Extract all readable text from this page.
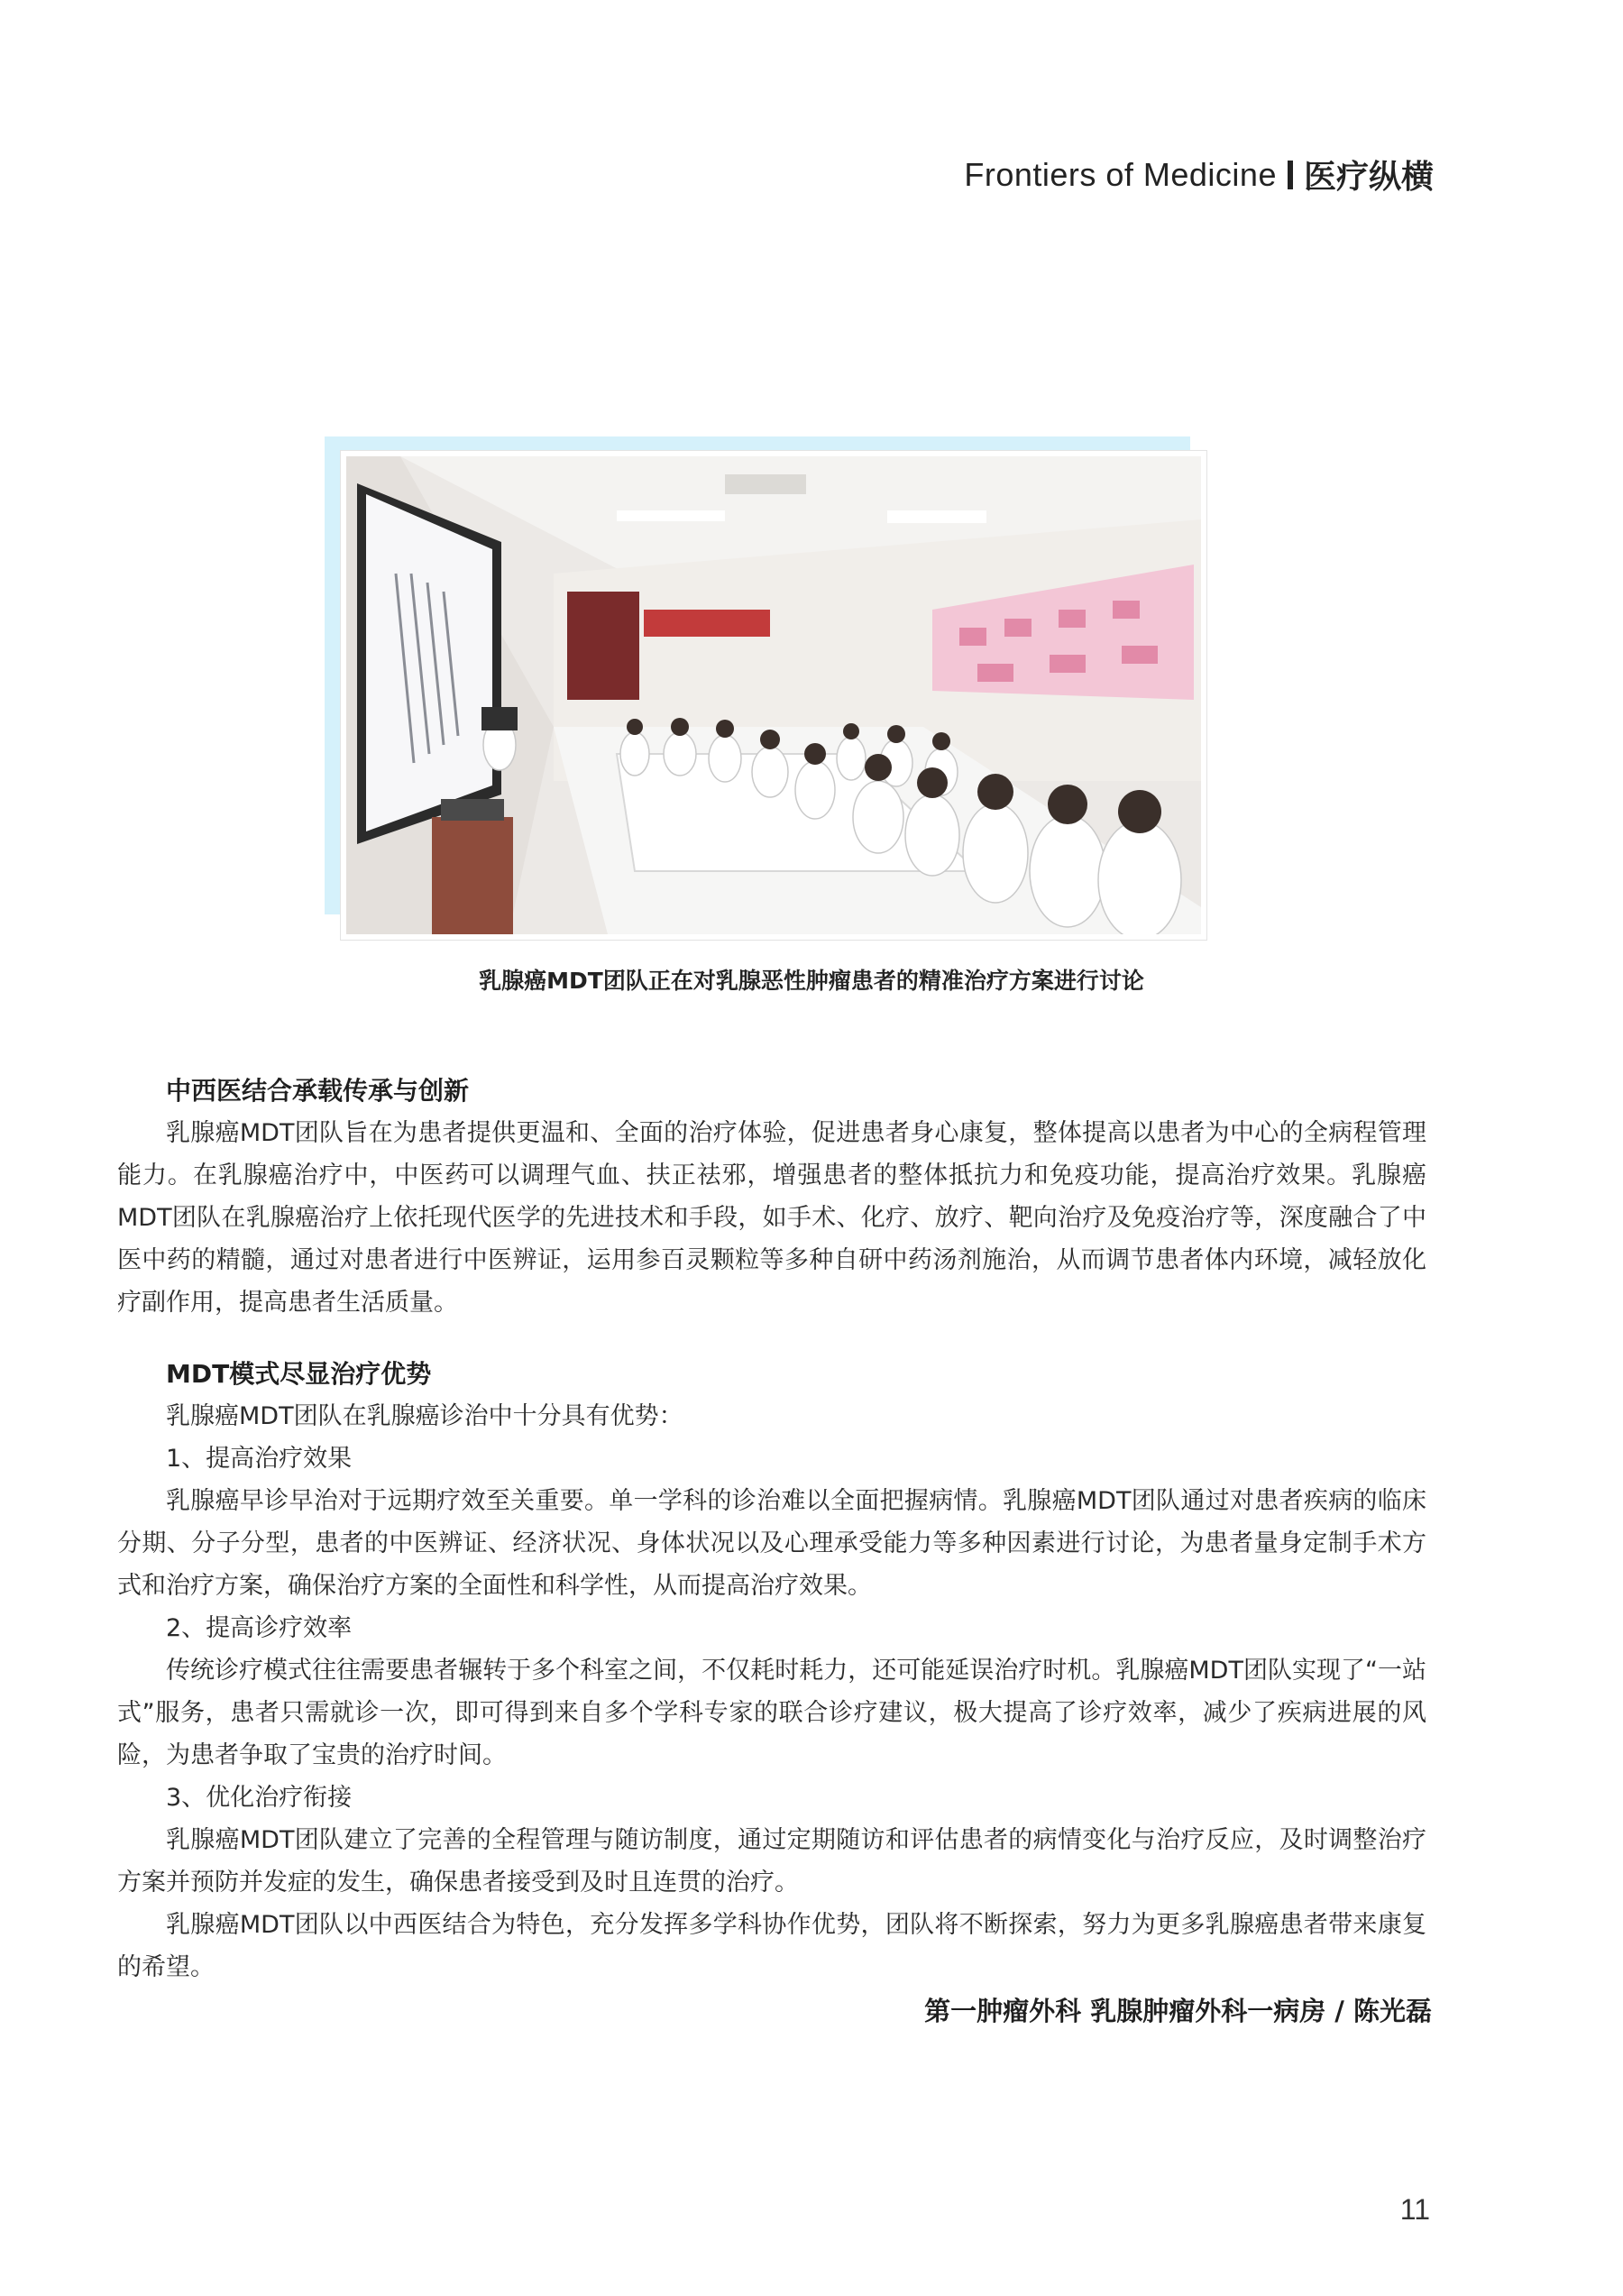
Frontiers of Medicine 医疗纵横
乳腺癌MDT团队正在对乳腺恶性肿瘤患者的精准治疗方案进行讨论
中西医结合承载传承与创新
乳腺癌MDT团队旨在为患者提供更温和、全面的治疗体验，促进患者身心康复，整体提高以患者为中心的全病程管理能力。在乳腺癌治疗中，中医药可以调理气血、扶正祛邪，增强患者的整体抵抗力和免疫功能，提高治疗效果。乳腺癌MDT团队在乳腺癌治疗上依托现代医学的先进技术和手段，如手术、化疗、放疗、靶向治疗及免疫治疗等，深度融合了中医中药的精髓，通过对患者进行中医辨证，运用参百灵颗粒等多种自研中药汤剂施治，从而调节患者体内环境，减轻放化疗副作用，提高患者生活质量。
MDT模式尽显治疗优势
乳腺癌MDT团队在乳腺癌诊治中十分具有优势：
1、提高治疗效果
乳腺癌早诊早治对于远期疗效至关重要。单一学科的诊治难以全面把握病情。乳腺癌MDT团队通过对患者疾病的临床分期、分子分型，患者的中医辨证、经济状况、身体状况以及心理承受能力等多种因素进行讨论，为患者量身定制手术方式和治疗方案，确保治疗方案的全面性和科学性，从而提高治疗效果。
2、提高诊疗效率
传统诊疗模式往往需要患者辗转于多个科室之间，不仅耗时耗力，还可能延误治疗时机。乳腺癌MDT团队实现了“一站式”服务，患者只需就诊一次，即可得到来自多个学科专家的联合诊疗建议，极大提高了诊疗效率，减少了疾病进展的风险，为患者争取了宝贵的治疗时间。
3、优化治疗衔接
乳腺癌MDT团队建立了完善的全程管理与随访制度，通过定期随访和评估患者的病情变化与治疗反应，及时调整治疗方案并预防并发症的发生，确保患者接受到及时且连贯的治疗。
乳腺癌MDT团队以中西医结合为特色，充分发挥多学科协作优势，团队将不断探索，努力为更多乳腺癌患者带来康复的希望。
第一肿瘤外科 乳腺肿瘤外科一病房 / 陈光磊
11
